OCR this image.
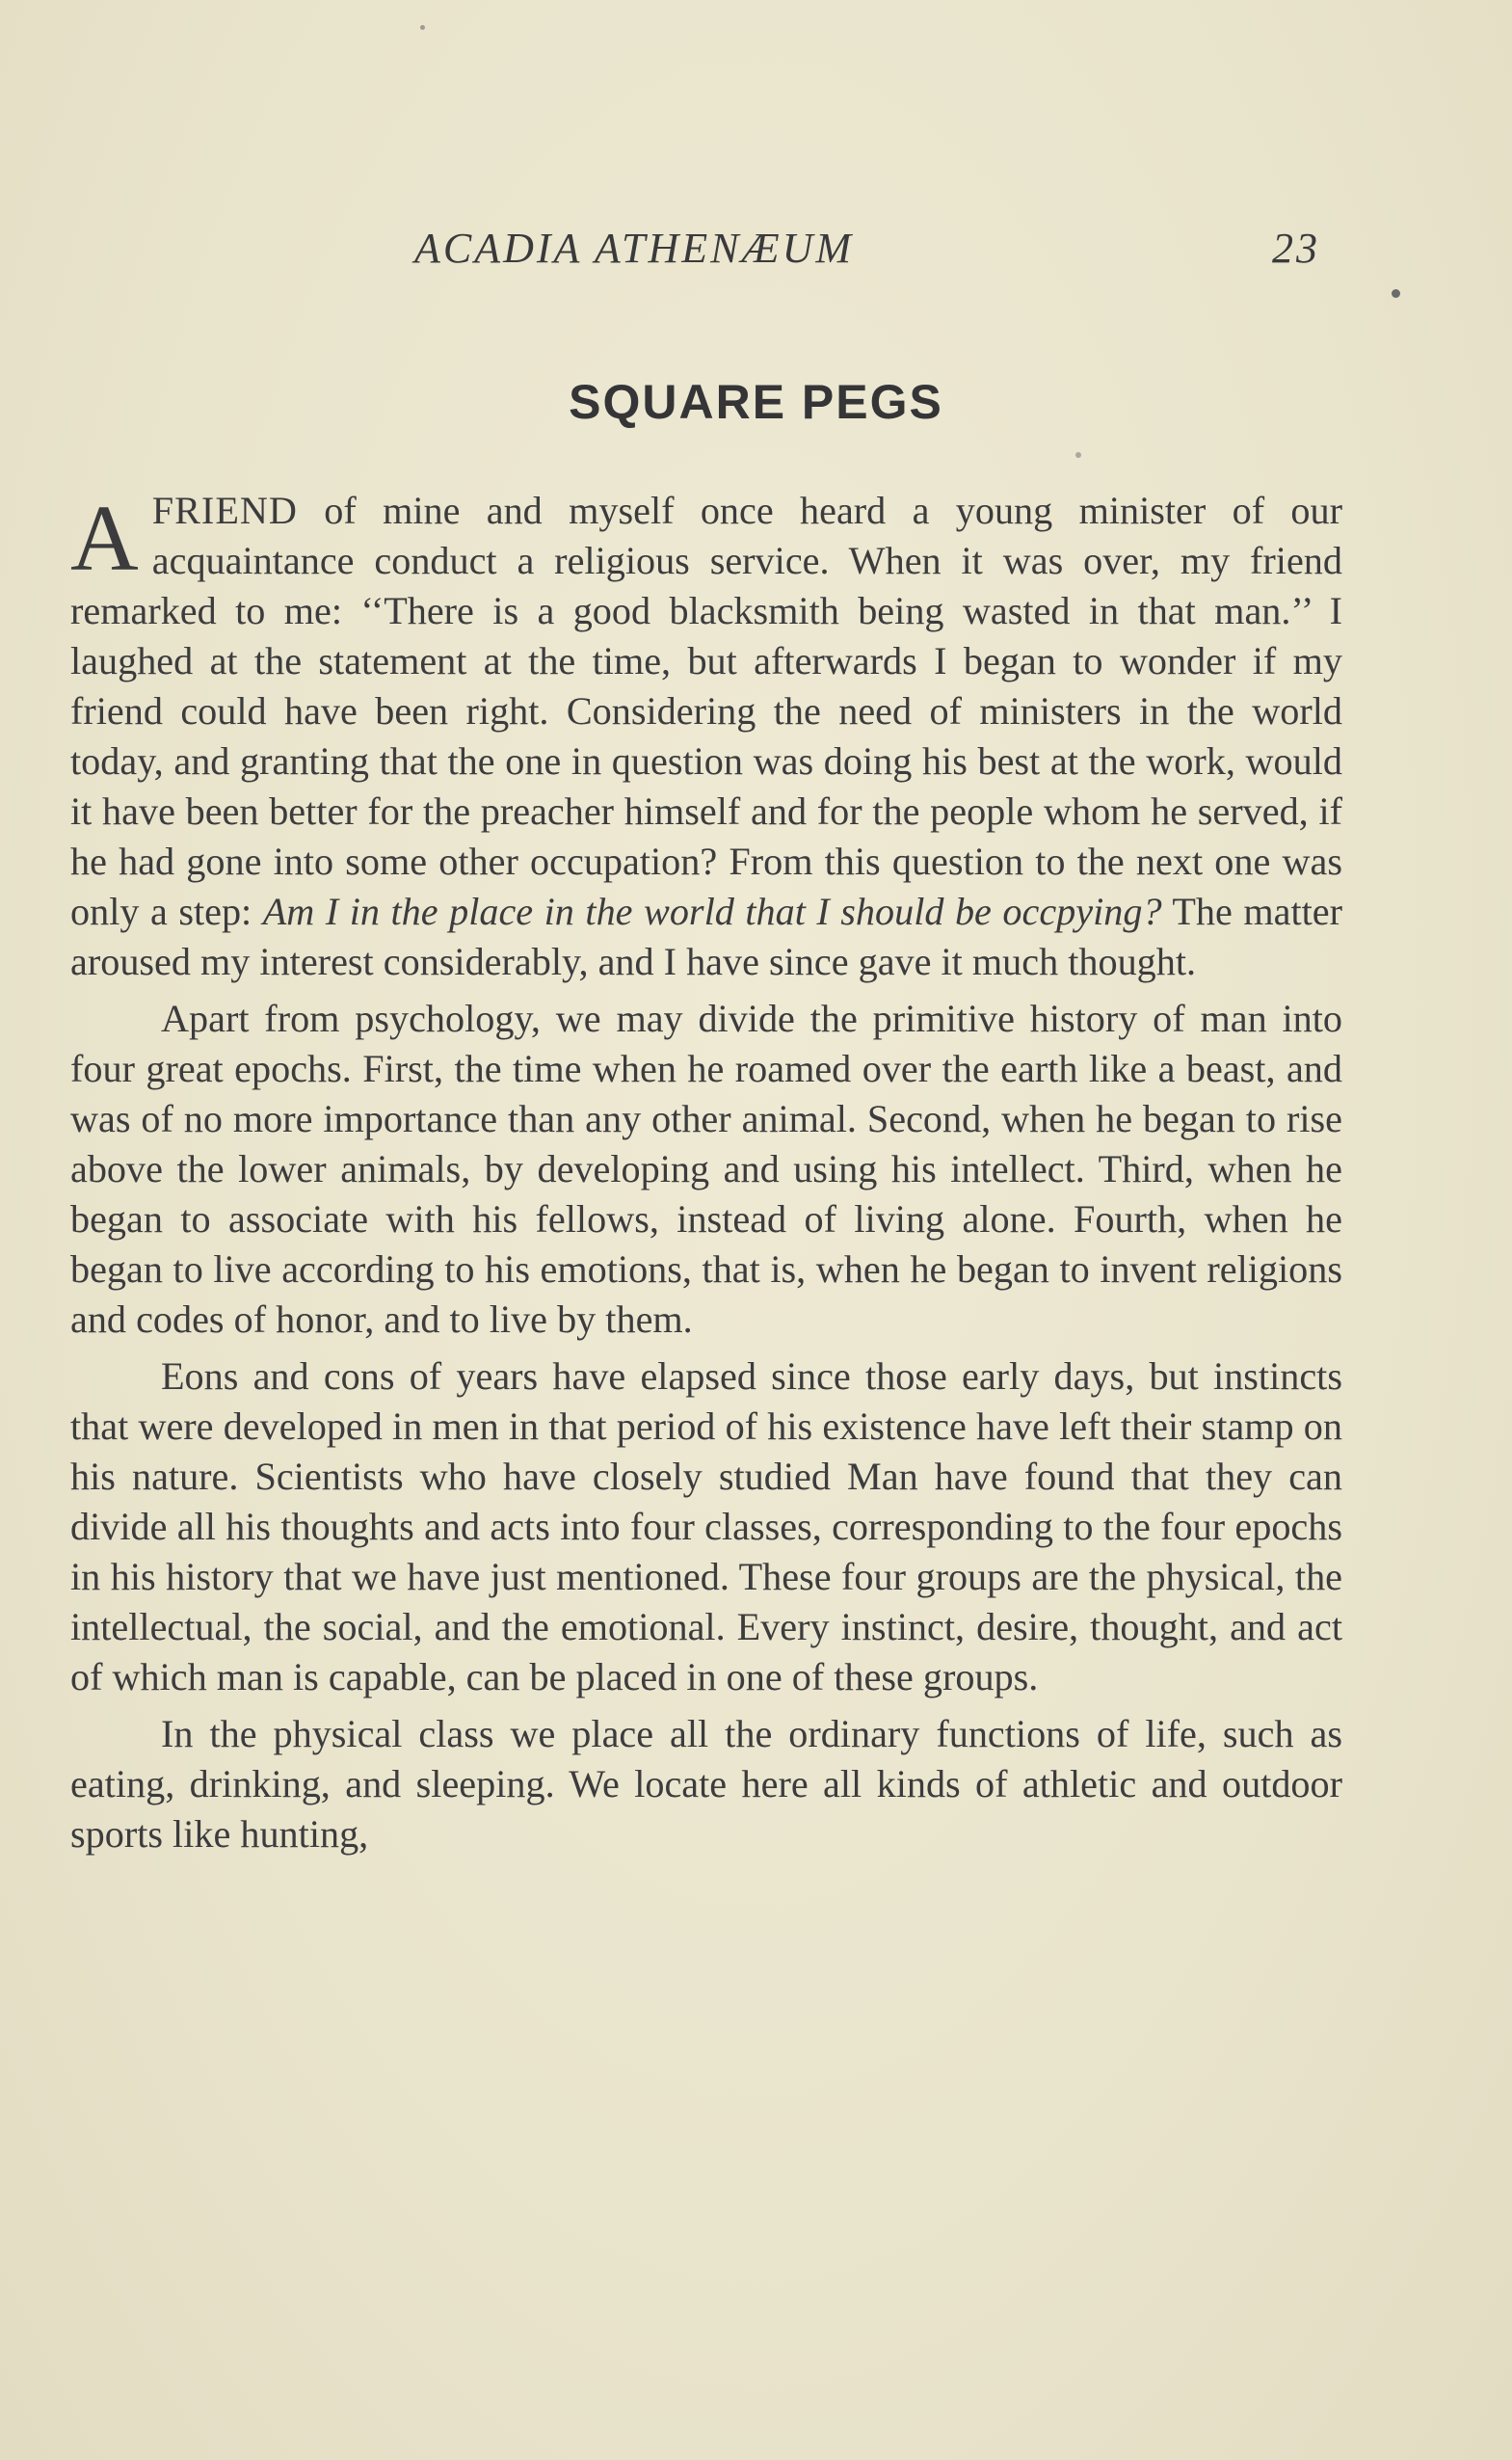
ACADIA ATHENÆUM	23
SQUARE PEGS

AFRIEND of mine and myself once heard a young minister of our acquaintance conduct a religious service. When it was over, my friend remarked to me: ‘‘There is a good blacksmith being wasted in that man.’’ I laughed at the statement at the time, but afterwards I began to wonder if my friend could have been right. Considering the need of ministers in the world today, and granting that the one in question was doing his best at the work, would it have been better for the preacher himself and for the people whom he served, if he had gone into some other occupation? From this question to the next one was only a step: Am I in the place in the world that I should be occpying? The matter aroused my interest considerably, and I have since gave it much thought.

Apart from psychology, we may divide the primitive history of man into four great epochs. First, the time when he roamed over the earth like a beast, and was of no more importance than any other animal. Second, when he began to rise above the lower animals, by developing and using his intellect. Third, when he began to associate with his fellows, instead of living alone. Fourth, when he began to live according to his emotions, that is, when he began to invent religions and codes of honor, and to live by them.

Eons and cons of years have elapsed since those early days, but instincts that were developed in men in that period of his existence have left their stamp on his nature. Scientists who have closely studied Man have found that they can divide all his thoughts and acts into four classes, corresponding to the four epochs in his history that we have just mentioned. These four groups are the physical, the intellectual, the social, and the emotional. Every instinct, desire, thought, and act of which man is capable, can be placed in one of these groups.

In the physical class we place all the ordinary functions of life, such as eating, drinking, and sleeping. We locate here all kinds of athletic and outdoor sports like hunting,
